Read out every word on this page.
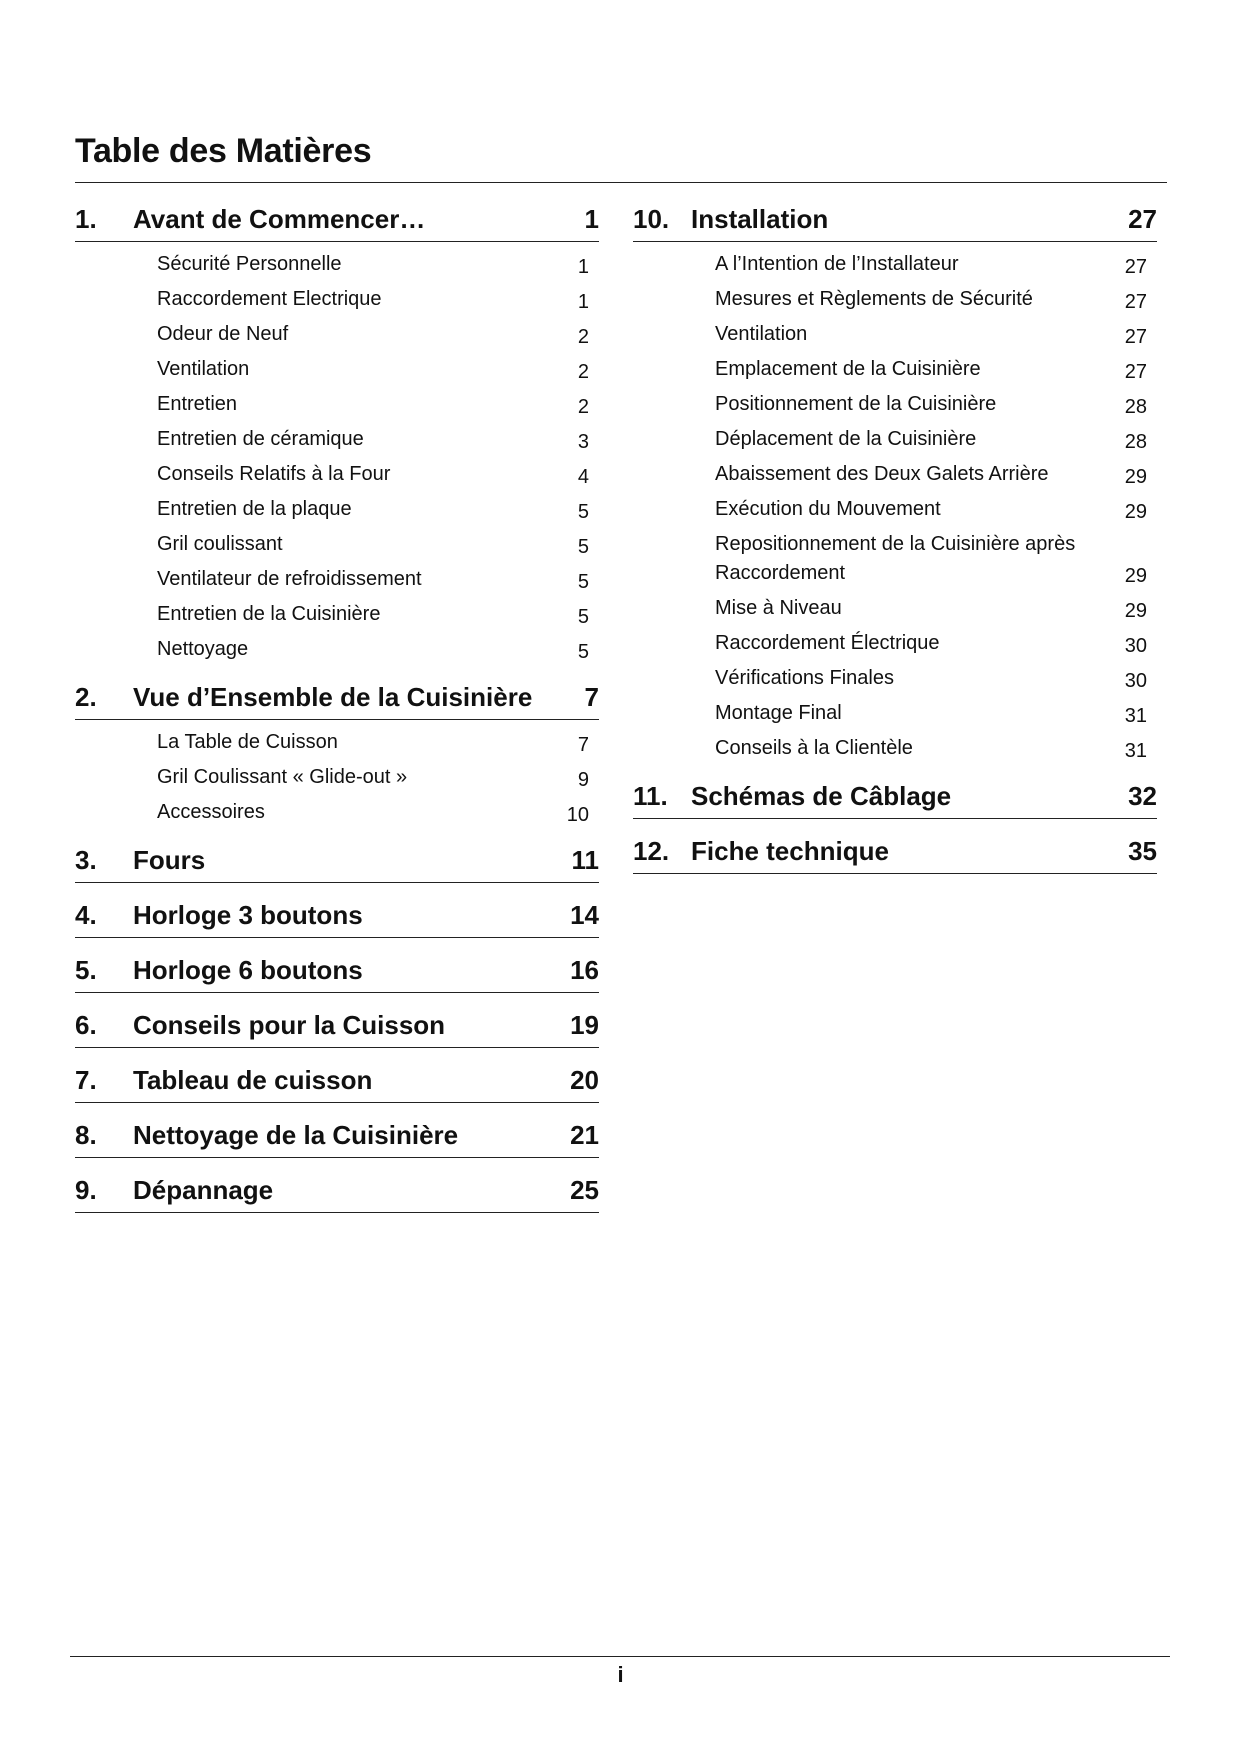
Table des Matières
1.	Avant de Commencer…	1
Sécurité Personnelle	1
Raccordement Electrique	1
Odeur de Neuf	2
Ventilation	2
Entretien	2
Entretien de céramique	3
Conseils Relatifs à la Four	4
Entretien de la plaque	5
Gril coulissant	5
Ventilateur de refroidissement	5
Entretien de la Cuisinière	5
Nettoyage	5
2.	Vue d’Ensemble de la Cuisinière	7
La Table de Cuisson	7
Gril Coulissant « Glide-out »	9
Accessoires	10
3.	Fours	11
4.	Horloge 3 boutons	14
5.	Horloge 6 boutons	16
6.	Conseils pour la Cuisson	19
7.	Tableau de cuisson	20
8.	Nettoyage de la Cuisinière	21
9.	Dépannage	25
10. Installation	27
A l’Intention de l’Installateur	27
Mesures et Règlements de Sécurité	27
Ventilation	27
Emplacement de la Cuisinière	27
Positionnement de la Cuisinière	28
Déplacement de la Cuisinière	28
Abaissement des Deux Galets Arrière	29
Exécution du Mouvement	29
Repositionnement de la Cuisinière après Raccordement	29
Mise à Niveau	29
Raccordement Électrique	30
Vérifications Finales	30
Montage Final	31
Conseils à la Clientèle	31
11. Schémas de Câblage	32
12. Fiche technique	35
i
